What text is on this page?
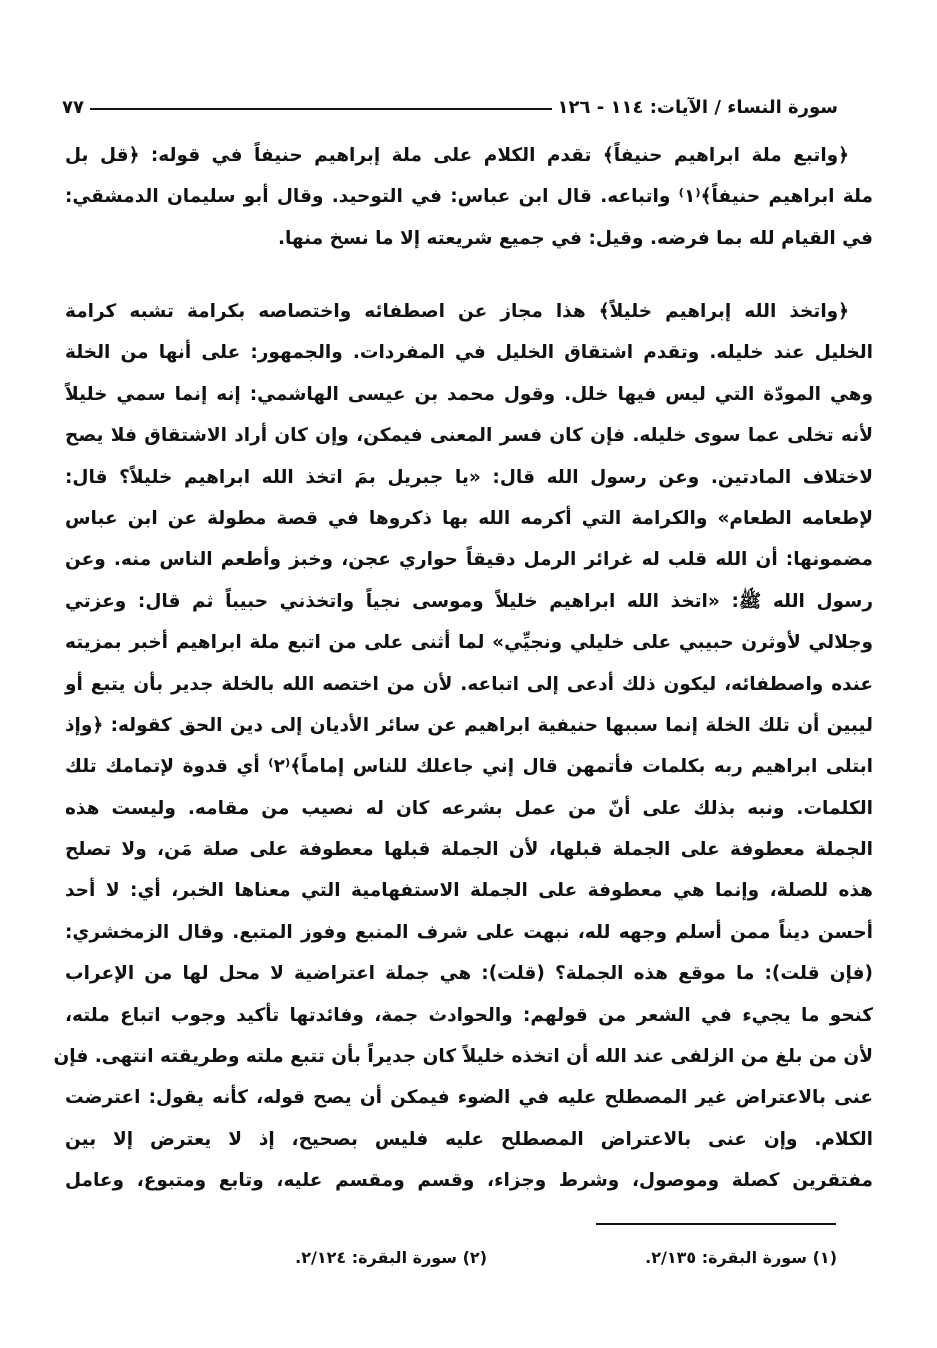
سورة النساء / الآيات: ١١٤ - ١٢٦
٧٧
﴿واتبع ملة ابراهيم حنيفاً﴾ تقدم الكلام على ملة إبراهيم حنيفاً في قوله: ﴿قل بل
ملة ابراهيم حنيفاً﴾⁽١⁾ واتباعه. قال ابن عباس: في التوحيد. وقال أبو سليمان الدمشقي:
في القيام لله بما فرضه. وقيل: في جميع شريعته إلا ما نسخ منها.
﴿واتخذ الله إبراهيم خليلاً﴾ هذا مجاز عن اصطفائه واختصاصه بكرامة تشبه كرامة
الخليل عند خليله. وتقدم اشتقاق الخليل في المفردات. والجمهور: على أنها من الخلة
وهي المودّة التي ليس فيها خلل. وقول محمد بن عيسى الهاشمي: إنه إنما سمي خليلاً
لأنه تخلى عما سوى خليله. فإن كان فسر المعنى فيمكن، وإن كان أراد الاشتقاق فلا يصح
لاختلاف المادتين. وعن رسول الله قال: «يا جبريل بمَ اتخذ الله ابراهيم خليلاً؟ قال:
لإطعامه الطعام» والكرامة التي أكرمه الله بها ذكروها في قصة مطولة عن ابن عباس
مضمونها: أن الله قلب له غرائر الرمل دقيقاً حواري عجن، وخبز وأطعم الناس منه. وعن
رسول الله ﷺ: «اتخذ الله ابراهيم خليلاً وموسى نجياً واتخذني حبيباً ثم قال: وعزتي
وجلالي لأوثرن حبيبي على خليلي ونجيِّي» لما أثنى على من اتبع ملة ابراهيم أخبر بمزيته
عنده واصطفائه، ليكون ذلك أدعى إلى اتباعه. لأن من اختصه الله بالخلة جدير بأن يتبع أو
ليبين أن تلك الخلة إنما سببها حنيفية ابراهيم عن سائر الأديان إلى دين الحق كقوله: ﴿وإذ
ابتلى ابراهيم ربه بكلمات فأتمهن قال إني جاعلك للناس إماماً﴾⁽٢⁾ أي قدوة لإتمامك تلك
الكلمات. ونبه بذلك على أنّ من عمل بشرعه كان له نصيب من مقامه. وليست هذه
الجملة معطوفة على الجملة قبلها، لأن الجملة قبلها معطوفة على صلة مَن، ولا تصلح
هذه للصلة، وإنما هي معطوفة على الجملة الاستفهامية التي معناها الخبر، أي: لا أحد
أحسن ديناً ممن أسلم وجهه لله، نبهت على شرف المنبع وفوز المتبع. وقال الزمخشري:
(فإن قلت): ما موقع هذه الجملة؟ (قلت): هي جملة اعتراضية لا محل لها من الإعراب
كنحو ما يجيء في الشعر من قولهم: والحوادث جمة، وفائدتها تأكيد وجوب اتباع ملته،
لأن من بلغ من الزلفى عند الله أن اتخذه خليلاً كان جديراً بأن تتبع ملته وطريقته انتهى. فإن
عنى بالاعتراض غير المصطلح عليه في الضوء فيمكن أن يصح قوله، كأنه يقول: اعترضت
الكلام. وإن عنى بالاعتراض المصطلح عليه فليس بصحيح، إذ لا يعترض إلا بين
مفتقرين كصلة وموصول، وشرط وجزاء، وقسم ومقسم عليه، وتابع ومتبوع، وعامل
(١) سورة البقرة: ٢/١٣٥.
(٢) سورة البقرة: ٢/١٢٤.
